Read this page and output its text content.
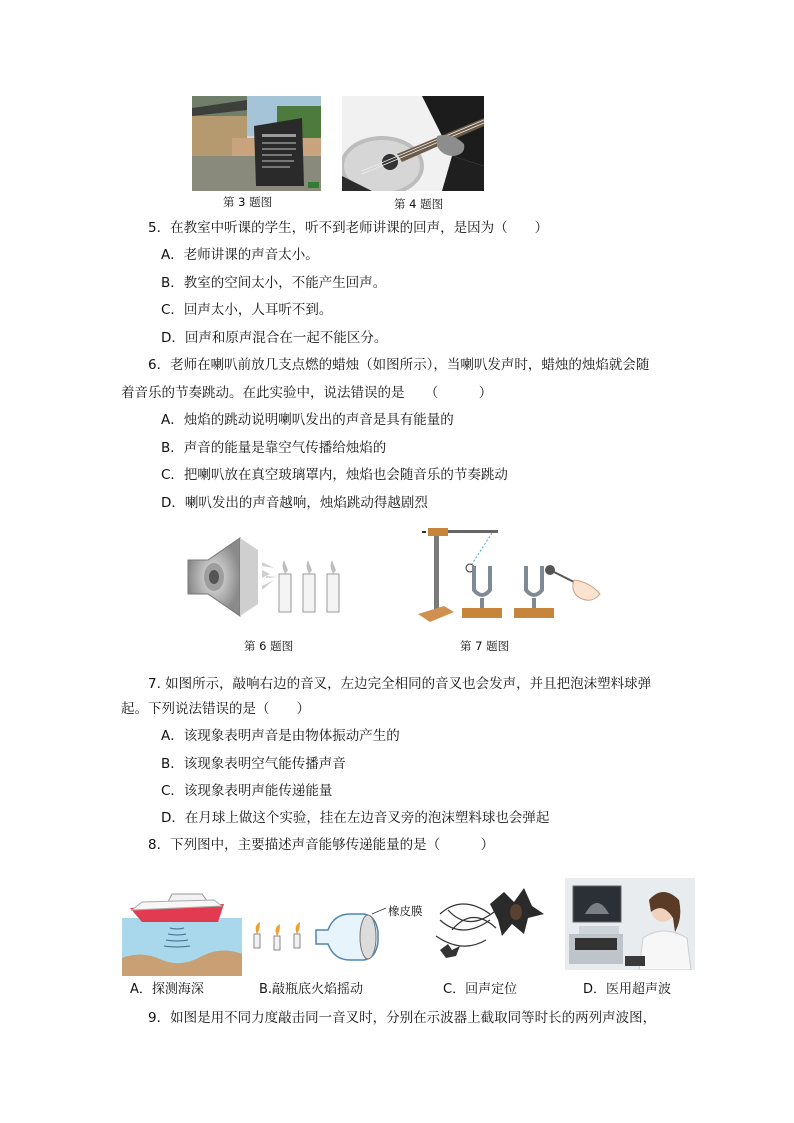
第 3 题图	第 4 题图
5．在教室中听课的学生，听不到老师讲课的回声，是因为（　　）
A．老师讲课的声音太小。
B．教室的空间太小，不能产生回声。
C．回声太小，人耳听不到。
D．回声和原声混合在一起不能区分。
6．老师在喇叭前放几支点燃的蜡烛（如图所示），当喇叭发声时，蜡烛的烛焰就会随
着音乐的节奏跳动。在此实验中，说法错误的是　　（　　　）
A．烛焰的跳动说明喇叭发出的声音是具有能量的
B．声音的能量是靠空气传播给烛焰的
C．把喇叭放在真空玻璃罩内，烛焰也会随音乐的节奏跳动
D．喇叭发出的声音越响，烛焰跳动得越剧烈
第 6 题图	第 7 题图
7. 如图所示，敲响右边的音叉，左边完全相同的音叉也会发声，并且把泡沫塑料球弹
起。下列说法错误的是（　　）
A．该现象表明声音是由物体振动产生的
B．该现象表明空气能传播声音
C．该现象表明声能传递能量
D．在月球上做这个实验，挂在左边音叉旁的泡沫塑料球也会弹起
8．下列图中，主要描述声音能够传递能量的是（　　　）
A．探测海深
橡皮膜
B.敲瓶底火焰摇动	C．回声定位	D．医用超声波
9．如图是用不同力度敲击同一音叉时，分别在示波器上截取同等时长的两列声波图，
